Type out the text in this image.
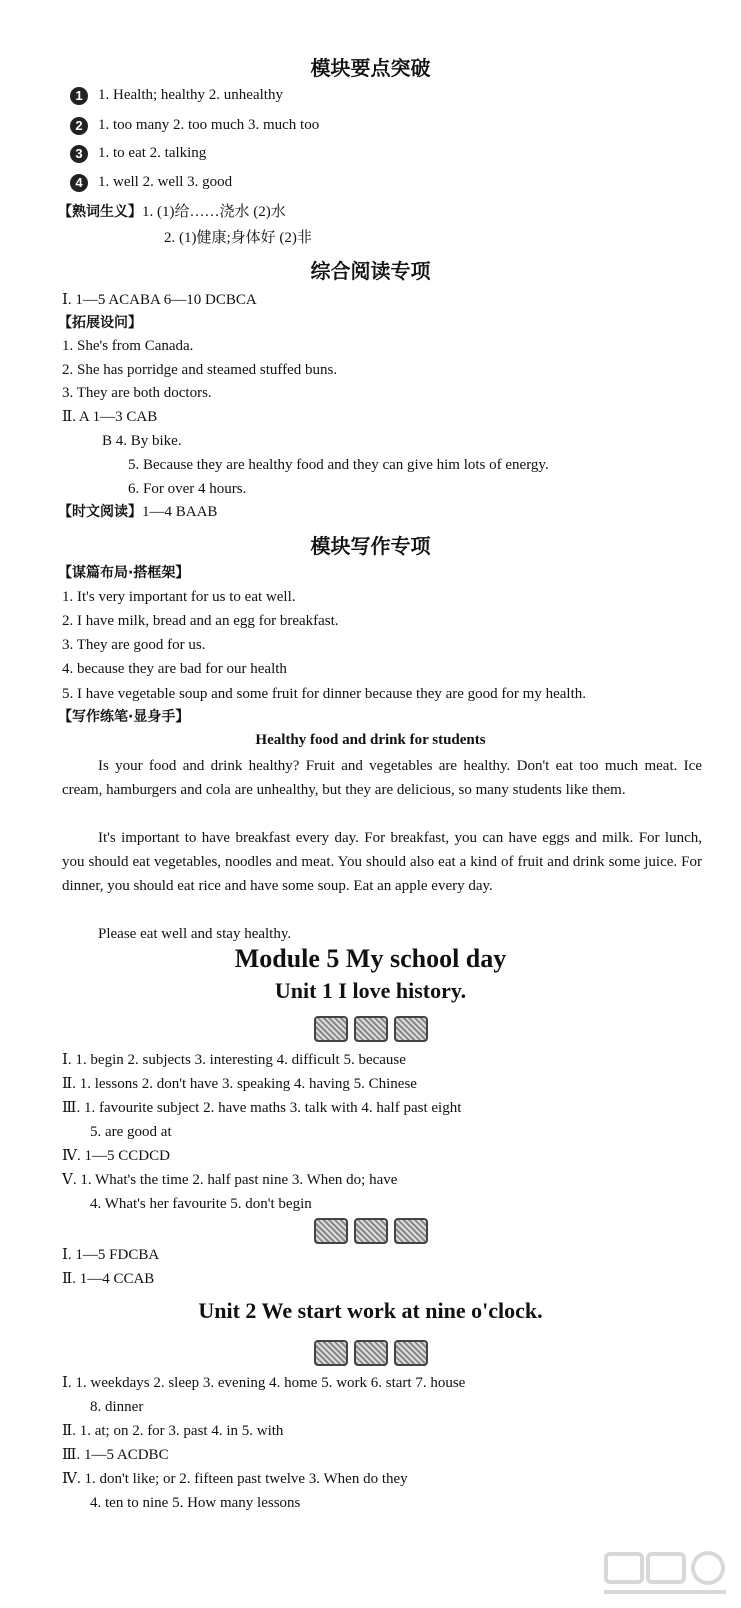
模块要点突破
1 1. Health; healthy 2. unhealthy
2 1. too many 2. too much 3. much too
3 1. to eat 2. talking
4 1. well 2. well 3. good
【熟词生义】1. (1)给……浇水 (2)水
2. (1)健康;身体好 (2)非
综合阅读专项
Ⅰ. 1—5 ACABA 6—10 DCBCA
【拓展设问】
1. She's from Canada.
2. She has porridge and steamed stuffed buns.
3. They are both doctors.
Ⅱ. A 1—3 CAB
B 4. By bike.
5. Because they are healthy food and they can give him lots of energy.
6. For over 4 hours.
【时文阅读】1—4 BAAB
模块写作专项
【谋篇布局·搭框架】
1. It's very important for us to eat well.
2. I have milk, bread and an egg for breakfast.
3. They are good for us.
4. because they are bad for our health
5. I have vegetable soup and some fruit for dinner because they are good for my health.
【写作练笔·显身手】
Healthy food and drink for students
Is your food and drink healthy? Fruit and vegetables are healthy. Don't eat too much meat. Ice cream, hamburgers and cola are unhealthy, but they are delicious, so many students like them.
It's important to have breakfast every day. For breakfast, you can have eggs and milk. For lunch, you should eat vegetables, noodles and meat. You should also eat a kind of fruit and drink some juice. For dinner, you should eat rice and have some soup. Eat an apple every day.
Please eat well and stay healthy.
Module 5 My school day
Unit 1 I love history.
Ⅰ. 1. begin 2. subjects 3. interesting 4. difficult 5. because
Ⅱ. 1. lessons 2. don't have 3. speaking 4. having 5. Chinese
Ⅲ. 1. favourite subject 2. have maths 3. talk with 4. half past eight
5. are good at
Ⅳ. 1—5 CCDCD
Ⅴ. 1. What's the time 2. half past nine 3. When do; have
4. What's her favourite 5. don't begin
Ⅰ. 1—5 FDCBA
Ⅱ. 1—4 CCAB
Unit 2 We start work at nine o'clock.
Ⅰ. 1. weekdays 2. sleep 3. evening 4. home 5. work 6. start 7. house
8. dinner
Ⅱ. 1. at; on 2. for 3. past 4. in 5. with
Ⅲ. 1—5 ACDBC
Ⅳ. 1. don't like; or 2. fifteen past twelve 3. When do they
4. ten to nine 5. How many lessons
